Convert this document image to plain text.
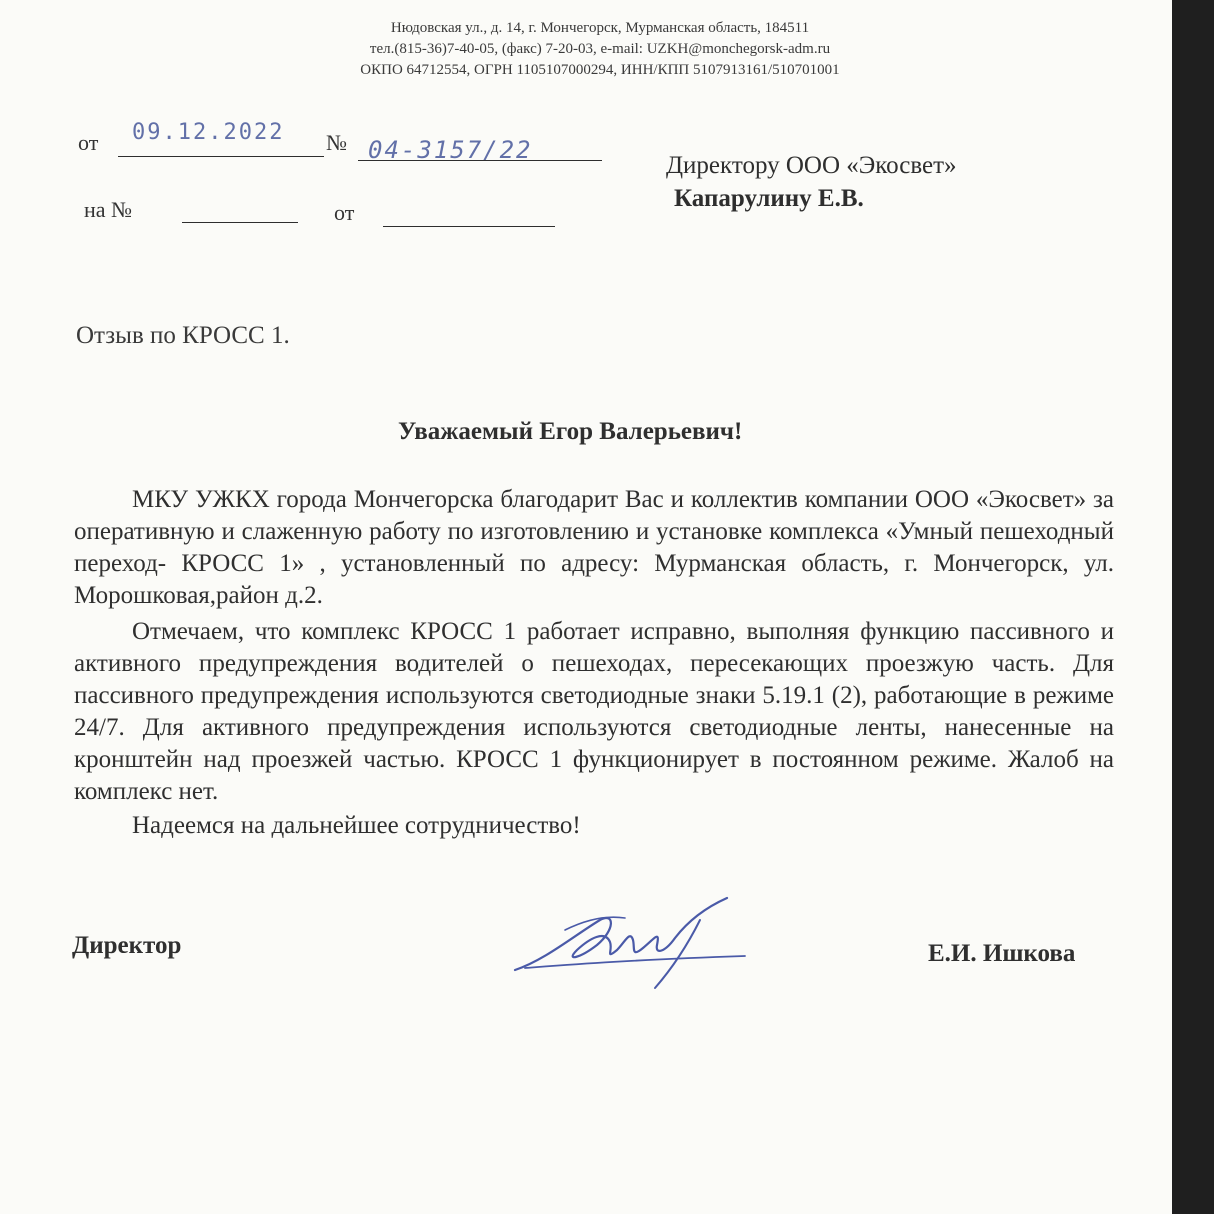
Нюдовская ул., д. 14, г. Мончегорск, Мурманская область, 184511
тел.(815-36)7-40-05, (факс) 7-20-03, e-mail: UZKH@monchegorsk-adm.ru
ОКПО 64712554, ОГРН 1105107000294, ИНН/КПП 5107913161/510701001
от 09.12.2022 № 04-3157/22
на №	от
Директору ООО «Экосвет»
Капарулину Е.В.
Отзыв по КРОСС 1.
Уважаемый Егор Валерьевич!
МКУ УЖКХ города Мончегорска благодарит Вас и коллектив компании ООО «Экосвет» за оперативную и слаженную работу по изготовлению и установке комплекса «Умный пешеходный переход- КРОСС 1» , установленный по адресу: Мурманская область, г. Мончегорск, ул. Морошковая,район д.2.
Отмечаем, что комплекс КРОСС 1 работает исправно, выполняя функцию пассивного и активного предупреждения водителей о пешеходах, пересекающих проезжую часть. Для пассивного предупреждения используются светодиодные знаки 5.19.1 (2), работающие в режиме 24/7. Для активного предупреждения используются светодиодные ленты, нанесенные на кронштейн над проезжей частью. КРОСС 1 функционирует в постоянном режиме. Жалоб на комплекс нет.
Надеемся на дальнейшее сотрудничество!
Директор	Е.И. Ишкова
